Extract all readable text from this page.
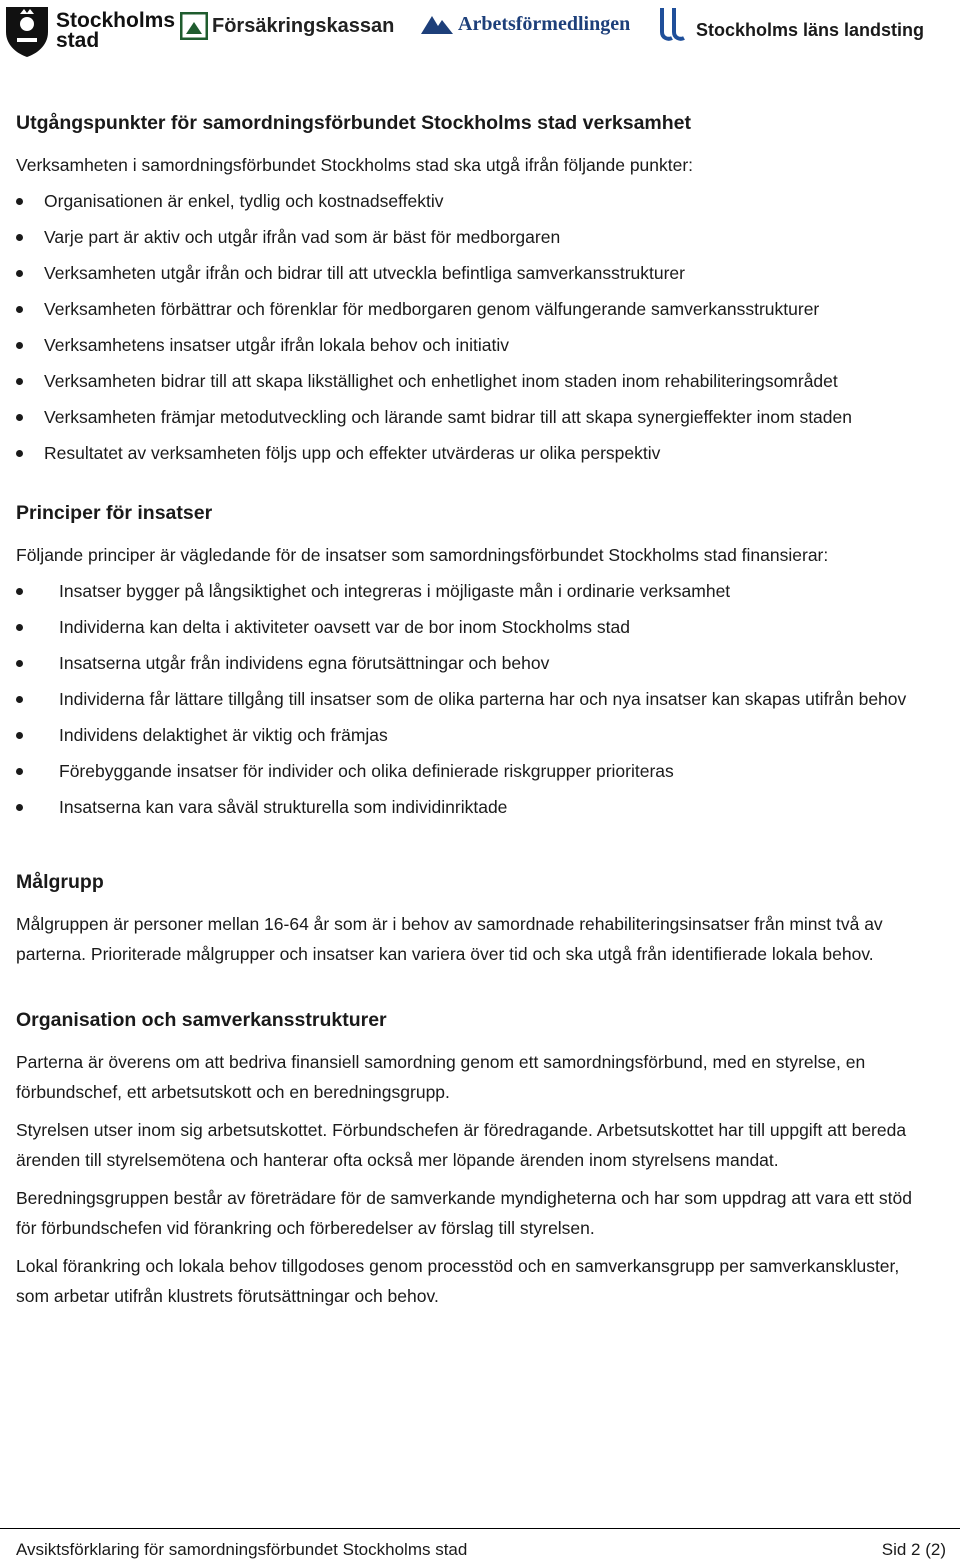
Stockholms
stad
Försäkringskassan	Arbetsförmedlingen	Stockholms läns landsting
Utgångspunkter för samordningsförbundet Stockholms stad verksamhet

Verksamheten i samordningsförbundet Stockholms stad ska utgå ifrån följande punkter:

Organisationen är enkel, tydlig och kostnadseffektiv
Varje part är aktiv och utgår ifrån vad som är bäst för medborgaren
Verksamheten utgår ifrån och bidrar till att utveckla befintliga samverkansstrukturer
Verksamheten förbättrar och förenklar för medborgaren genom välfungerande samverkansstrukturer
Verksamhetens insatser utgår ifrån lokala behov och initiativ
Verksamheten bidrar till att skapa likställighet och enhetlighet inom staden inom rehabiliteringsområdet
Verksamheten främjar metodutveckling och lärande samt bidrar till att skapa synergieffekter inom staden
Resultatet av verksamheten följs upp och effekter utvärderas ur olika perspektiv
Principer för insatser

Följande principer är vägledande för de insatser som samordningsförbundet Stockholms stad finansierar:

Insatser bygger på långsiktighet och integreras i möjligaste mån i ordinarie verksamhet
Individerna kan delta i aktiviteter oavsett var de bor inom Stockholms stad
Insatserna utgår från individens egna förutsättningar och behov
Individerna får lättare tillgång till insatser som de olika parterna har och nya insatser kan skapas utifrån behov
Individens delaktighet är viktig och främjas
Förebyggande insatser för individer och olika definierade riskgrupper prioriteras
Insatserna kan vara såväl strukturella som individinriktade
Målgrupp

Målgruppen är personer mellan 16-64 år som är i behov av samordnade rehabiliteringsinsatser från minst två av parterna. Prioriterade målgrupper och insatser kan variera över tid och ska utgå från identifierade lokala behov.

Organisation och samverkansstrukturer

Parterna är överens om att bedriva finansiell samordning genom ett samordningsförbund, med en styrelse, en förbundschef, ett arbetsutskott och en beredningsgrupp.

Styrelsen utser inom sig arbetsutskottet. Förbundschefen är föredragande. Arbetsutskottet har till uppgift att bereda ärenden till styrelsemötena och hanterar ofta också mer löpande ärenden inom styrelsens mandat.

Beredningsgruppen består av företrädare för de samverkande myndigheterna och har som uppdrag att vara ett stöd för förbundschefen vid förankring och förberedelser av förslag till styrelsen.

Lokal förankring och lokala behov tillgodoses genom processtöd och en samverkansgrupp per samverkanskluster, som arbetar utifrån klustrets förutsättningar och behov.

Avsiktsförklaring för samordningsförbundet Stockholms stad	Sid 2 (2)
